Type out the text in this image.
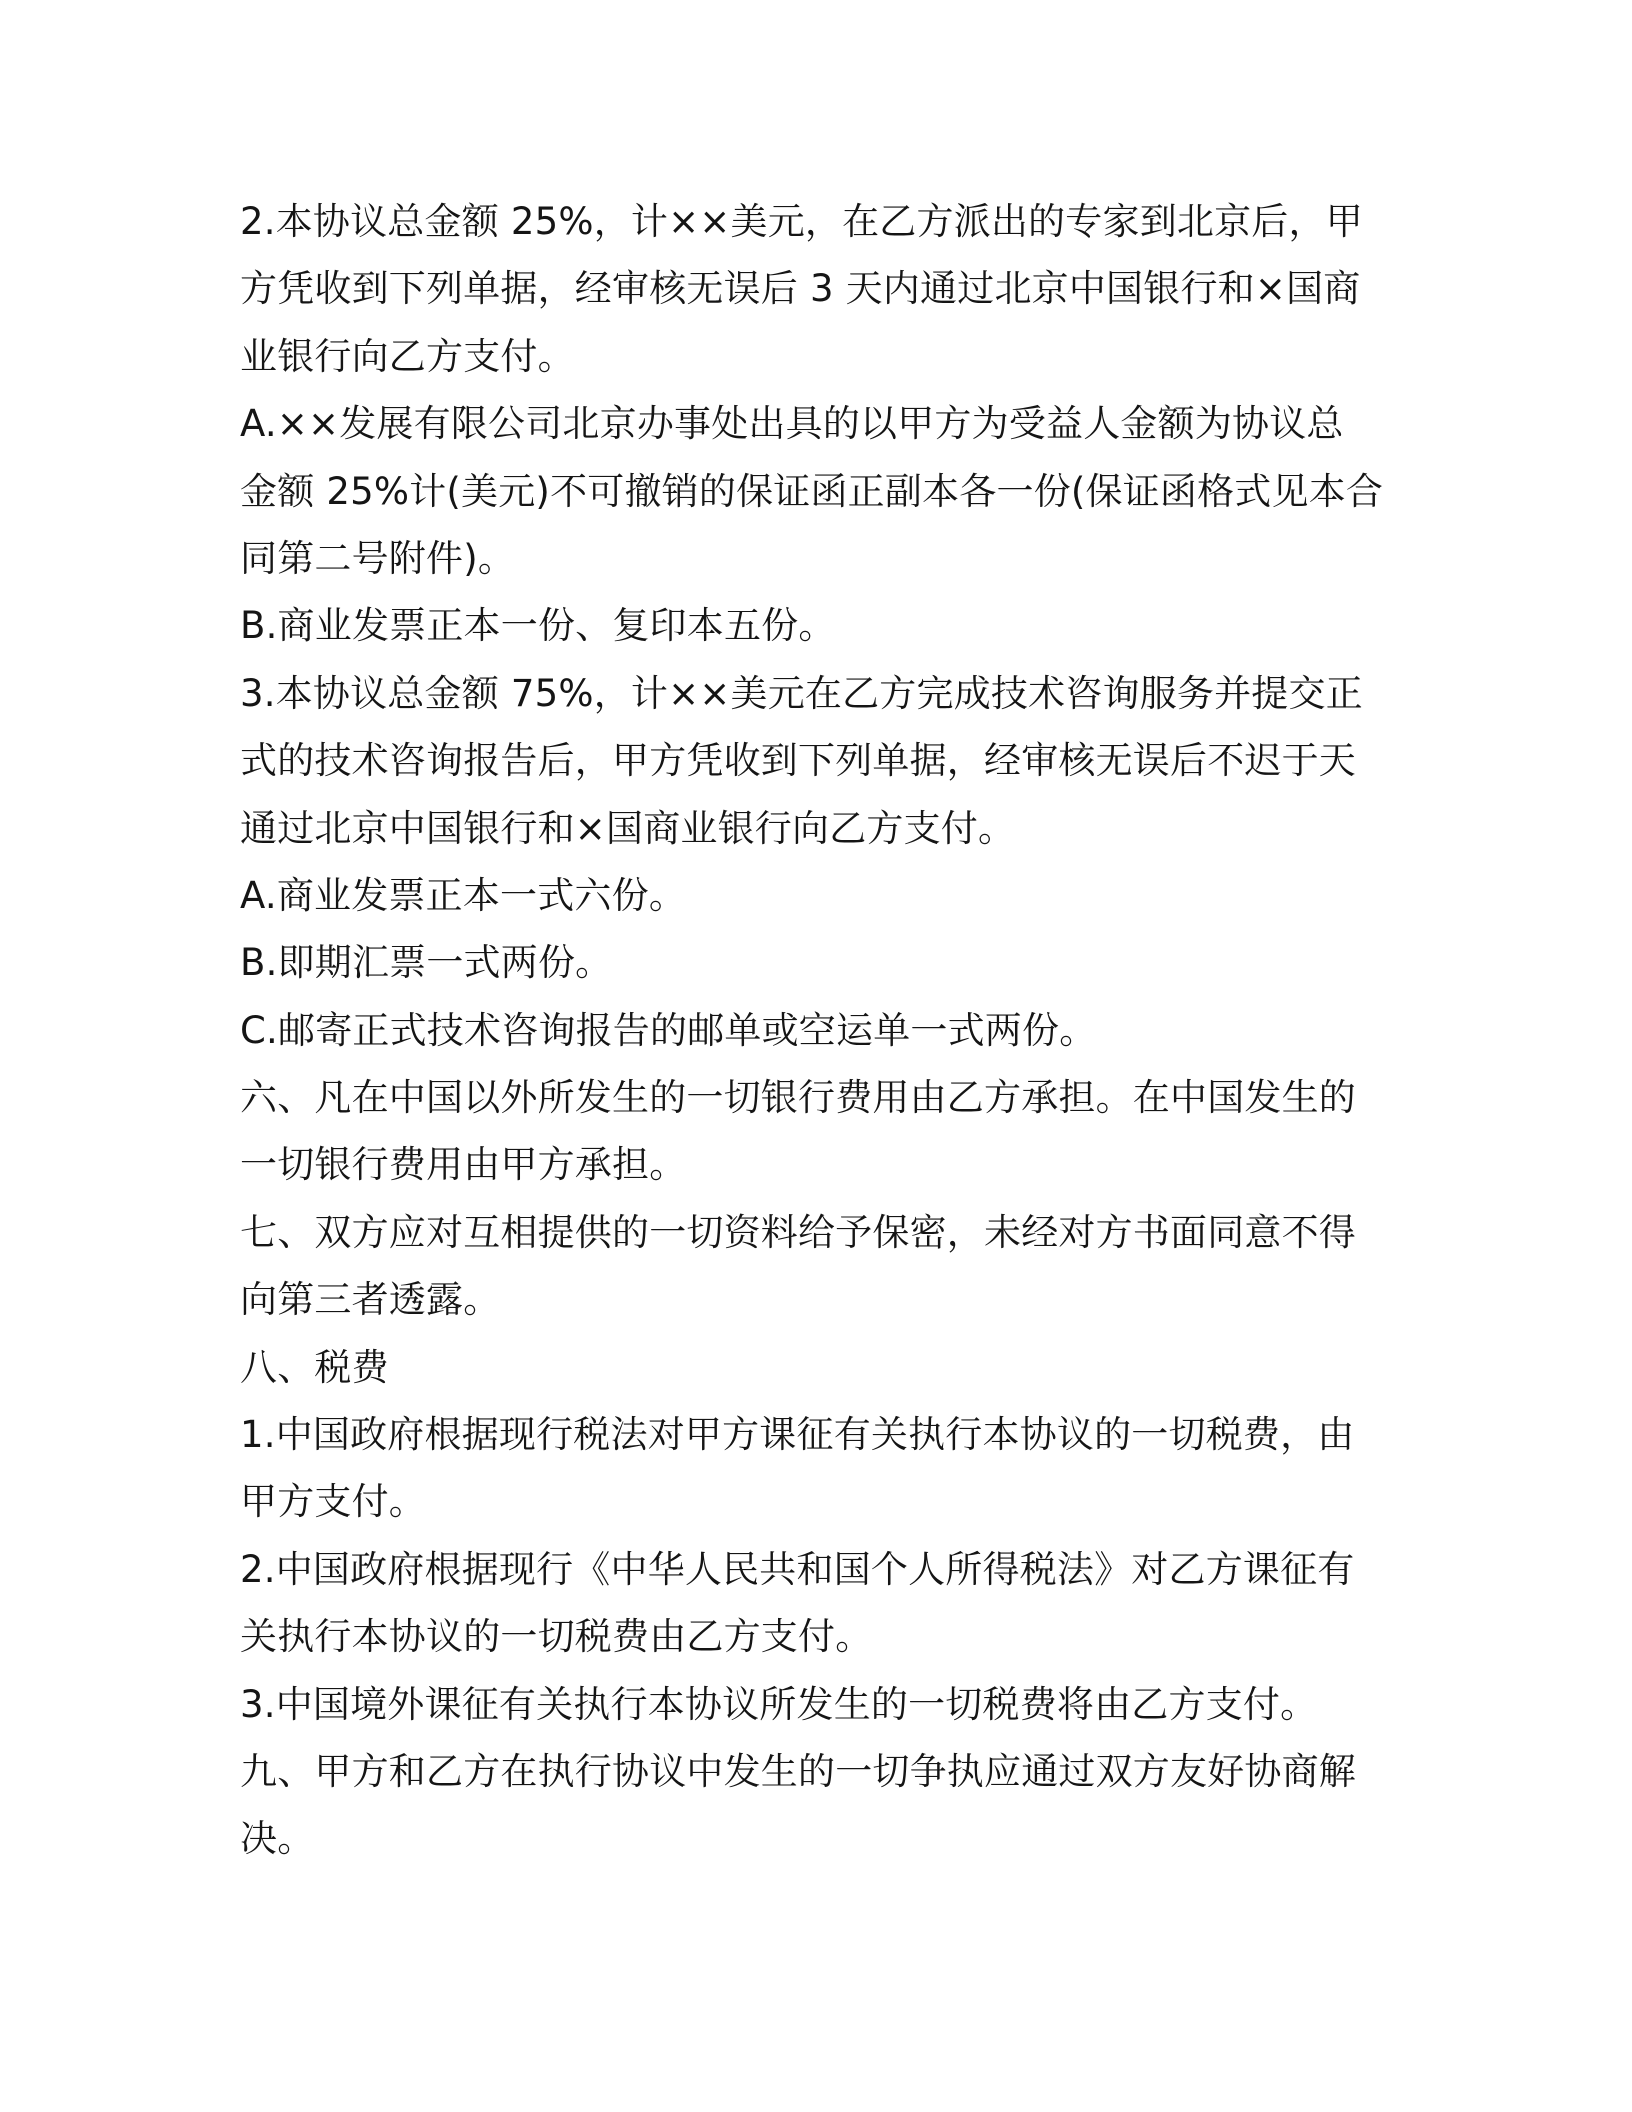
2.本协议总金额 25%，计××美元，在乙方派出的专家到北京后，甲
方凭收到下列单据，经审核无误后 3 天内通过北京中国银行和×国商
业银行向乙方支付。

A.××发展有限公司北京办事处出具的以甲方为受益人金额为协议总
金额 25%计(美元)不可撤销的保证函正副本各一份(保证函格式见本合
同第二号附件)。

B.商业发票正本一份、复印本五份。

3.本协议总金额 75%，计××美元在乙方完成技术咨询服务并提交正
式的技术咨询报告后，甲方凭收到下列单据，经审核无误后不迟于天
通过北京中国银行和×国商业银行向乙方支付。

A.商业发票正本一式六份。

B.即期汇票一式两份。

C.邮寄正式技术咨询报告的邮单或空运单一式两份。

六、凡在中国以外所发生的一切银行费用由乙方承担。在中国发生的
一切银行费用由甲方承担。

七、双方应对互相提供的一切资料给予保密，未经对方书面同意不得
向第三者透露。

八、税费

1.中国政府根据现行税法对甲方课征有关执行本协议的一切税费，由
甲方支付。

2.中国政府根据现行《中华人民共和国个人所得税法》对乙方课征有
关执行本协议的一切税费由乙方支付。

3.中国境外课征有关执行本协议所发生的一切税费将由乙方支付。

九、甲方和乙方在执行协议中发生的一切争执应通过双方友好协商解
决。
